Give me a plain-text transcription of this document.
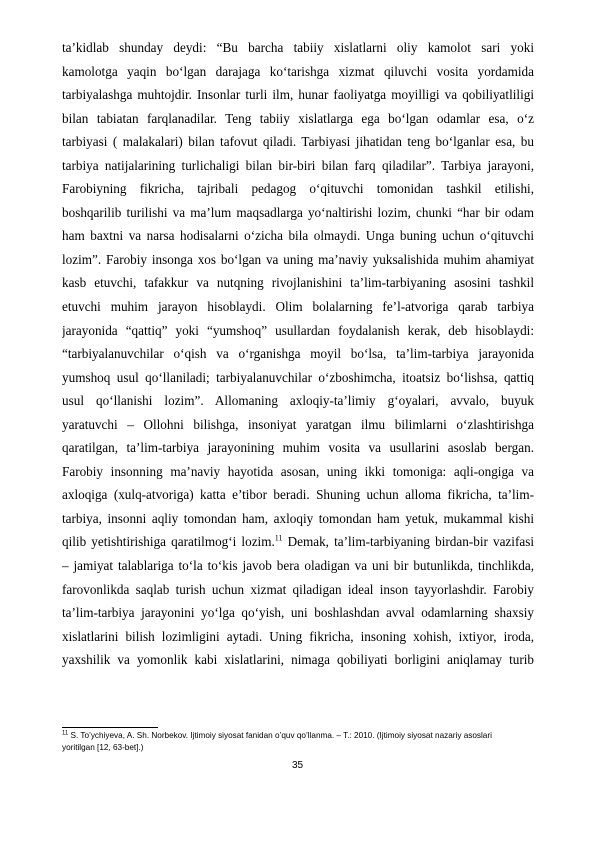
ta’kidlab shunday deydi: “Bu barcha tabiiy xislatlarni oliy kamolot sari yoki
kamolotga yaqin bo‘lgan darajaga ko‘tarishga xizmat qiluvchi vosita yordamida
tarbiyalashga muhtojdir. Insonlar turli ilm, hunar faoliyatga moyilligi va qobiliyatliligi
bilan tabiatan farqlanadilar. Teng tabiiy xislatlarga ega bo‘lgan odamlar esa, o‘z
tarbiyasi ( malakalari) bilan tafovut qiladi. Tarbiyasi jihatidan teng bo‘lganlar esa, bu
tarbiya natijalarining turlichaligi bilan bir-biri bilan farq qiladilar”. Tarbiya jarayoni,
Farobiyning fikricha, tajribali pedagog o‘qituvchi tomonidan tashkil etilishi,
boshqarilib turilishi va ma’lum maqsadlarga yo‘naltirishi lozim, chunki “har bir odam
ham baxtni va narsa hodisalarni o‘zicha bila olmaydi. Unga buning uchun o‘qituvchi
lozim”. Farobiy insonga xos bo‘lgan va uning ma’naviy yuksalishida muhim ahamiyat
kasb etuvchi, tafakkur va nutqning rivojlanishini ta’lim-tarbiyaning asosini tashkil
etuvchi muhim jarayon hisoblaydi. Olim bolalarning fe’l-atvoriga qarab tarbiya
jarayonida “qattiq” yoki “yumshoq” usullardan foydalanish kerak, deb hisoblaydi:
“tarbiyalanuvchilar o‘qish va o‘rganishga moyil bo‘lsa, ta’lim-tarbiya jarayonida
yumshoq usul qo‘llaniladi; tarbiyalanuvchilar o‘zboshimcha, itoatsiz bo‘lishsa, qattiq
usul qo‘llanishi lozim”. Allomaning axloqiy-ta’limiy g‘oyalari, avvalo, buyuk
yaratuvchi – Ollohni bilishga, insoniyat yaratgan ilmu bilimlarni o‘zlashtirishga
qaratilgan, ta’lim-tarbiya jarayonining muhim vosita va usullarini asoslab bergan.
Farobiy insonning ma’naviy hayotida asosan, uning ikki tomoniga: aqli-ongiga va
axloqiga (xulq-atvoriga) katta e’tibor beradi. Shuning uchun alloma fikricha, ta’lim-
tarbiya, insonni aqliy tomondan ham, axloqiy tomondan ham yetuk, mukammal kishi
qilib yetishtirishiga qaratilmog‘i lozim.$^{11}$ Demak, ta’lim-tarbiyaning birdan-bir vazifasi
– jamiyat talablariga to‘la to‘kis javob bera oladigan va uni bir butunlikda, tinchlikda,
farovonlikda saqlab turish uchun xizmat qiladigan ideal inson tayyorlashdir. Farobiy
ta’lim-tarbiya jarayonini yo‘lga qo‘yish, uni boshlashdan avval odamlarning shaxsiy
xislatlarini bilish lozimligini aytadi. Uning fikricha, insoning xohish, ixtiyor, iroda,
yaxshilik va yomonlik kabi xislatlarini, nimaga qobiliyati borligini aniqlamay turib
$^{11}$ S. To’ychiyeva, A. Sh. Norbekov. Ijtimoiy siyosat fanidan o’quv qo’llanma. – T.: 2010. (Ijtimoiy siyosat nazariy asoslari
yoritilgan [12, 63-bet].)
35
